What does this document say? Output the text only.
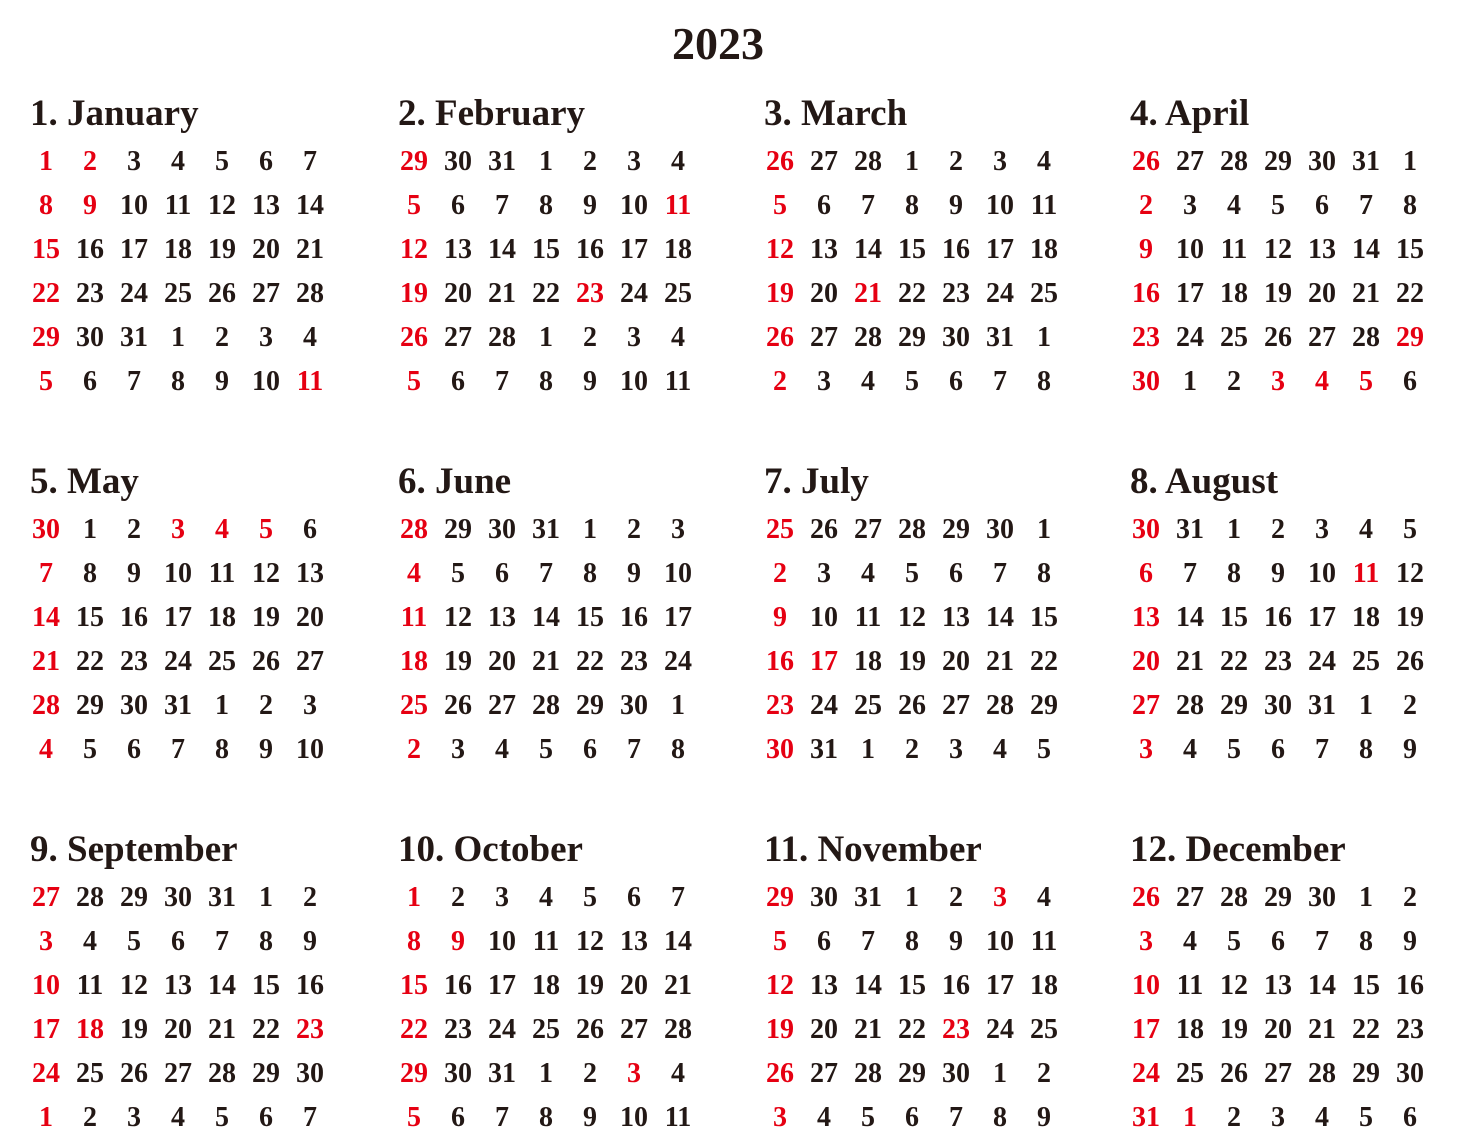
2023
1. January
1	2	3	4	5	6	7
8	9 10 11 12 13 14
15 16 17 18 19 20 21
22 23 24 25 26 27 28
29 30 31 1	2	3	4
5	6	7	8	9 10 11
2. February
29 30 31 1	2	3	4
5	6	7	8	9 10 11
12 13 14 15 16 17 18
19 20 21 22 23 24 25
26 27 28 1	2	3	4
5	6	7	8	9 10 11
3. March
26 27 28 1	2	3	4
5	6	7	8	9 10 11
12 13 14 15 16 17 18
19 20 21 22 23 24 25
26 27 28 29 30 31 1
2	3	4	5	6	7	8
4. April
26 27 28 29 30 31 1
2	3	4	5	6	7	8
9 10 11 12 13 14 15
16 17 18 19 20 21 22
23 24 25 26 27 28 29
30 1	2	3	4	5	6
5. May
30 1	2	3	4	5	6
7	8	9 10 11 12 13
14 15 16 17 18 19 20
21 22 23 24 25 26 27
28 29 30 31 1	2	3
4	5	6	7	8	9 10
6. June
28 29 30 31 1	2	3
4	5	6	7	8	9 10
11 12 13 14 15 16 17
18 19 20 21 22 23 24
25 26 27 28 29 30 1
2	3	4	5	6	7	8
7. July
25 26 27 28 29 30 1
2	3	4	5	6	7	8
9 10 11 12 13 14 15
16 17 18 19 20 21 22
23 24 25 26 27 28 29
30 31 1	2	3	4	5
8. August
30 31 1	2	3	4	5
6	7	8	9 10 11 12
13 14 15 16 17 18 19
20 21 22 23 24 25 26
27 28 29 30 31 1	2
3	4	5	6	7	8	9
9. September
27 28 29 30 31 1	2
3	4	5	6	7	8	9
10 11 12 13 14 15 16
17 18 19 20 21 22 23
24 25 26 27 28 29 30
1	2	3	4	5	6	7
10. October
1	2	3	4	5	6	7
8	9 10 11 12 13 14
15 16 17 18 19 20 21
22 23 24 25 26 27 28
29 30 31 1	2	3	4
5	6	7	8	9 10 11
11. November
29 30 31 1	2	3	4
5	6	7	8	9 10 11
12 13 14 15 16 17 18
19 20 21 22 23 24 25
26 27 28 29 30 1	2
3	4	5	6	7	8	9
12. December
26 27 28 29 30 1	2
3	4	5	6	7	8	9
10 11 12 13 14 15 16
17 18 19 20 21 22 23
24 25 26 27 28 29 30
31 1	2	3	4	5	6
